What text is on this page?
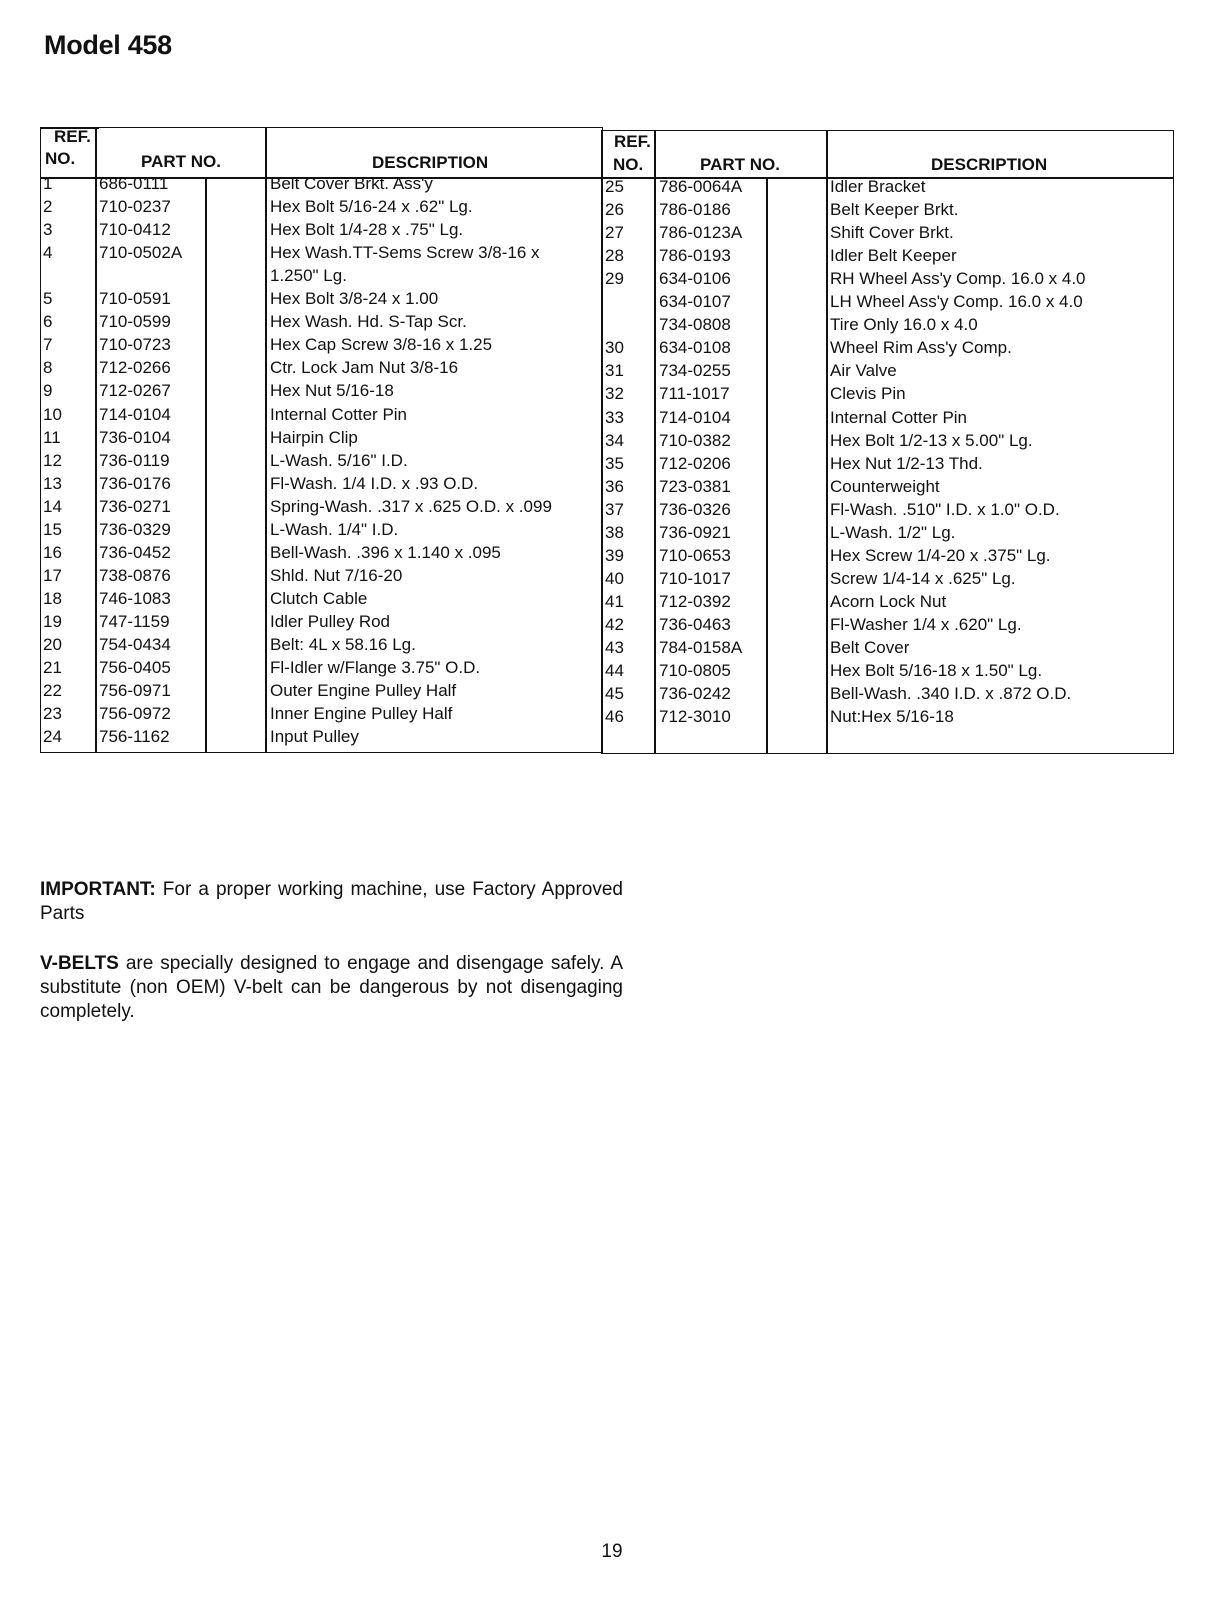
Model 458
REF.
NO.	PART NO.	DESCRIPTION
REF.
NO.	PART NO.	DESCRIPTION
1	686-0111	Belt Cover Brkt. Ass'y
2	710-0237	Hex Bolt 5/16-24 x .62" Lg.
3	710-0412	Hex Bolt 1/4-28 x .75" Lg.
4	710-0502A	Hex Wash.TT-Sems Screw 3/8-16 x
1.250" Lg.
5	710-0591	Hex Bolt 3/8-24 x 1.00
6	710-0599	Hex Wash. Hd. S-Tap Scr.
7	710-0723	Hex Cap Screw 3/8-16 x 1.25
8	712-0266	Ctr. Lock Jam Nut 3/8-16
9	712-0267	Hex Nut 5/16-18
10 714-0104	Internal Cotter Pin
11 736-0104	Hairpin Clip
12 736-0119	L-Wash. 5/16" I.D.
13 736-0176	Fl-Wash. 1/4 I.D. x .93 O.D.
14 736-0271	Spring-Wash. .317 x .625 O.D. x .099
15 736-0329	L-Wash. 1/4" I.D.
16 736-0452	Bell-Wash. .396 x 1.140 x .095
17 738-0876	Shld. Nut 7/16-20
18 746-1083	Clutch Cable
19 747-1159	Idler Pulley Rod
20 754-0434	Belt: 4L x 58.16 Lg.
21 756-0405	Fl-Idler w/Flange 3.75" O.D.
22 756-0971	Outer Engine Pulley Half
23 756-0972	Inner Engine Pulley Half
24 756-1162	Input Pulley
25 786-0064A	Idler Bracket
26 786-0186	Belt Keeper Brkt.
27 786-0123A	Shift Cover Brkt.
28 786-0193	Idler Belt Keeper
29 634-0106	RH Wheel Ass'y Comp. 16.0 x 4.0
634-0107	LH Wheel Ass'y Comp. 16.0 x 4.0
734-0808	Tire Only 16.0 x 4.0
30 634-0108	Wheel Rim Ass'y Comp.
31 734-0255	Air Valve
32 711-1017	Clevis Pin
33 714-0104	Internal Cotter Pin
34 710-0382	Hex Bolt 1/2-13 x 5.00" Lg.
35 712-0206	Hex Nut 1/2-13 Thd.
36 723-0381	Counterweight
37 736-0326	Fl-Wash. .510" I.D. x 1.0" O.D.
38 736-0921	L-Wash. 1/2" Lg.
39 710-0653	Hex Screw 1/4-20 x .375" Lg.
40 710-1017	Screw 1/4-14 x .625" Lg.
41 712-0392	Acorn Lock Nut
42 736-0463	Fl-Washer 1/4 x .620" Lg.
43 784-0158A	Belt Cover
44 710-0805	Hex Bolt 5/16-18 x 1.50" Lg.
45 736-0242	Bell-Wash. .340 I.D. x .872 O.D.
46 712-3010	Nut:Hex 5/16-18

IMPORTANT: For a proper working machine, use Factory Approved Parts

V-BELTS are specially designed to engage and disengage safely. A substitute (non OEM) V-belt can be dangerous by not disengaging completely.

19
